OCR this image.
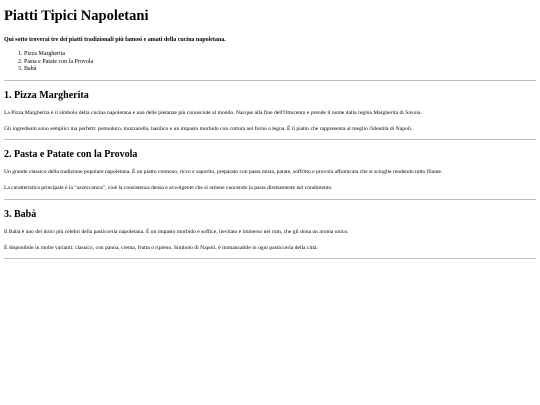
Piatti Tipici Napoletani

Qui sotto troverai tre dei piatti tradizionali più famosi e amati della cucina napoletana.

1. Pizza Margherita
2. Pasta e Patate con la Provola
3. Babà
1. Pizza Margherita

La Pizza Margherita è il simbolo della cucina napoletana e una delle pietanze più conosciute al mondo. Nacque alla fine dell'Ottocento e prende il nome dalla regina Margherita di Savoia.

Gli ingredienti sono semplici ma perfetti: pomodoro, mozzarella, basilico e un impasto morbido con cottura nel forno a legna. È il piatto che rappresenta al meglio l'identità di Napoli.

2. Pasta e Patate con la Provola

Un grande classico della tradizione popolare napoletana. È un piatto cremoso, ricco e saporito, preparato con pasta mista, patate, soffritto e provola affumicata che si scioglie rendendo tutto filante.

La caratteristica principale è la "azzeccatura", cioè la consistenza densa e avvolgente che si ottiene cuocendo la pasta direttamente nel condimento.

3. Babà

Il Babà è uno dei dolci più celebri della pasticceria napoletana. È un impasto morbido e soffice, lievitato e immerso nel rum, che gli dona un aroma unico.

È disponibile in molte varianti: classico, con panna, crema, frutta o ripieno. Simbolo di Napoli, è immancabile in ogni pasticceria della città.
